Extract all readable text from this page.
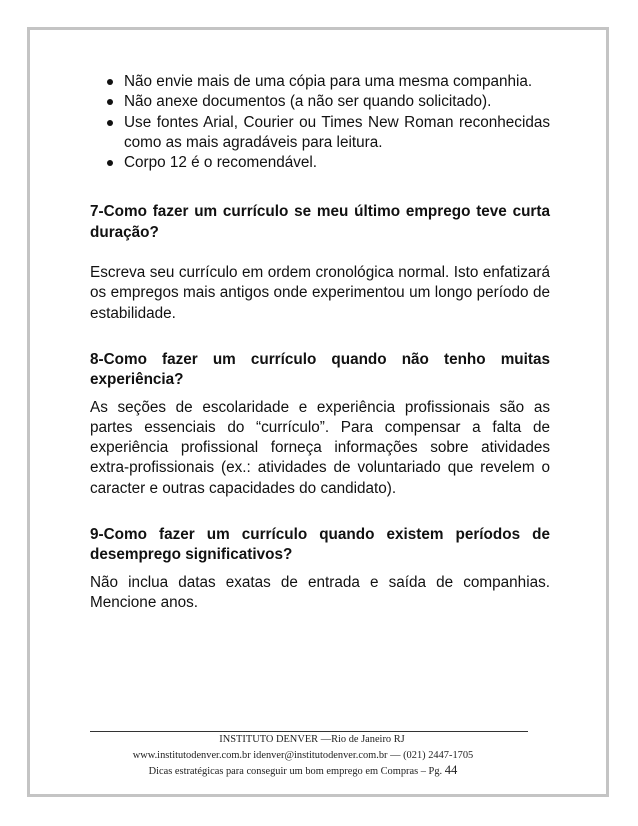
Não envie mais de uma cópia para uma mesma companhia.
Não anexe documentos (a não ser quando solicitado).
Use fontes Arial, Courier ou Times New Roman reconhecidas como as mais agradáveis para leitura.
Corpo 12 é o recomendável.

7-Como fazer um currículo se meu último emprego teve curta duração?

Escreva seu currículo em ordem cronológica normal. Isto enfatizará os empregos mais antigos onde experimentou um longo período de estabilidade.

8-Como fazer um currículo quando não tenho muitas experiência?

As seções de escolaridade e experiência profissionais são as partes essenciais do “currículo”. Para compensar a falta de experiência profissional forneça informações sobre atividades extra-profissionais (ex.: atividades de voluntariado que revelem o caracter e outras capacidades do candidato).

9-Como fazer um currículo quando existem períodos de desemprego significativos?

Não inclua datas exatas de entrada e saída de companhias. Mencione anos.

INSTITUTO DENVER —Rio de Janeiro RJ
www.institutodenver.com.br idenver@institutodenver.com.br — (021) 2447-1705
Dicas estratégicas para conseguir um bom emprego em Compras – Pg. 44
